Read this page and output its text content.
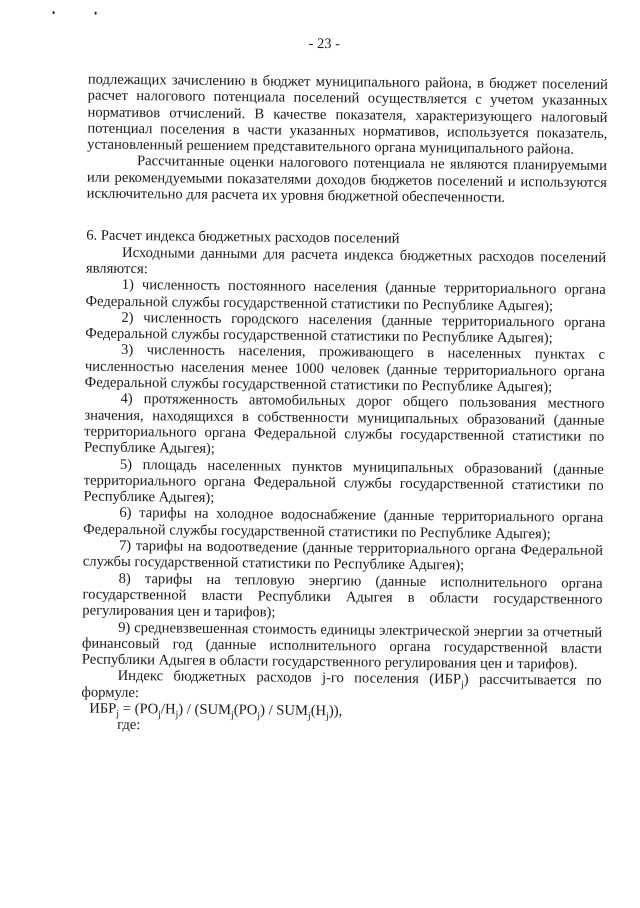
- 23 -

подлежащих зачислению в бюджет муниципального района, в бюджет поселений расчет налогового потенциала поселений осуществляется с учетом указанных нормативов отчислений. В качестве показателя, характеризующего налоговый потенциал поселения в части указанных нормативов, используется показатель, установленный решением представительного органа муниципального района.

Рассчитанные оценки налогового потенциала не являются планируемыми или рекомендуемыми показателями доходов бюджетов поселений и используются исключительно для расчета их уровня бюджетной обеспеченности.

6. Расчет индекса бюджетных расходов поселений

Исходными данными для расчета индекса бюджетных расходов поселений являются:

1) численность постоянного населения (данные территориального органа Федеральной службы государственной статистики по Республике Адыгея);

2) численность городского населения (данные территориального органа Федеральной службы государственной статистики по Республике Адыгея);

3) численность населения, проживающего в населенных пунктах с численностью населения менее 1000 человек (данные территориального органа Федеральной службы государственной статистики по Республике Адыгея);

4) протяженность автомобильных дорог общего пользования местного значения, находящихся в собственности муниципальных образований (данные территориального органа Федеральной службы государственной статистики по Республике Адыгея);

5) площадь населенных пунктов муниципальных образований (данные территориального органа Федеральной службы государственной статистики по Республике Адыгея);

6) тарифы на холодное водоснабжение (данные территориального органа Федеральной службы государственной статистики по Республике Адыгея);

7) тарифы на водоотведение (данные территориального органа Федеральной службы государственной статистики по Республике Адыгея);

8) тарифы на тепловую энергию (данные исполнительного органа государственной власти Республики Адыгея в области государственного регулирования цен и тарифов);

9) средневзвешенная стоимость единицы электрической энергии за отчетный финансовый год (данные исполнительного органа государственной власти Республики Адыгея в области государственного регулирования цен и тарифов).

Индекс бюджетных расходов j-го поселения $(ИБР_j)$ рассчитывается по формуле:

$ИБР_j = (PO_j/H_j) / (SUM_j(PO_j) / SUM_j(H_j))$,

где:
